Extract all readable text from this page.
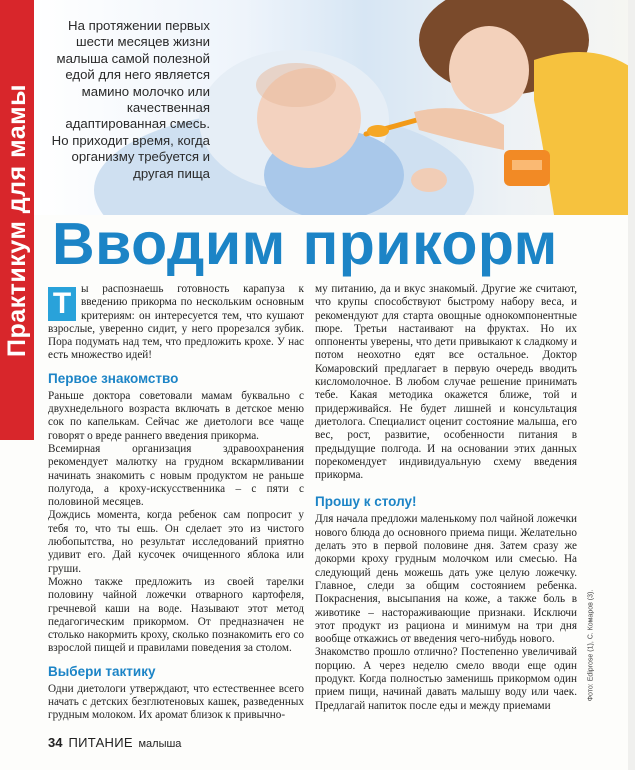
Практикум для мамы
На протяжении первых шести месяцев жизни малыша самой полезной едой для него является мамино молочко или качественная адаптированная смесь. Но приходит время, когда организму требуется и другая пища
Вводим прикорм

Т ы распознаешь готовность карапуза к введению прикорма по нескольким основным критериям: он интересуется тем, что кушают взрослые, уверенно сидит, у него прорезался зубик. Пора подумать над тем, что предложить крохе. У нас есть множество идей!

Первое знакомство

Раньше доктора советовали мамам буквально с двухнедельного возраста включать в детское меню сок по капелькам. Сейчас же диетологи все чаще говорят о вреде раннего введения прикорма.

Всемирная организация здравоохранения рекомендует малютку на грудном вскармливании начинать знакомить с новым продуктом не раньше полугода, а кроху-искусственника – с пяти с половиной месяцев.

Дождись момента, когда ребенок сам попросит у тебя то, что ты ешь. Он сделает это из чистого любопытства, но результат исследований приятно удивит его. Дай кусочек очищенного яблока или груши.

Можно также предложить из своей тарелки половину чайной ложечки отварного картофеля, гречневой каши на воде. Называют этот метод педагогическим прикормом. От предназначен не столько накормить кроху, сколько познакомить его со взрослой пищей и правилами поведения за столом.

Выбери тактику

Одни диетологи утверждают, что естественнее всего начать с детских безглютеновых кашек, разведенных грудным молоком. Их аромат близок к привычно-

му питанию, да и вкус знакомый. Другие же считают, что крупы способствуют быстрому набору веса, и рекомендуют для старта овощные однокомпонентные пюре. Третьи настаивают на фруктах. Но их оппоненты уверены, что дети привыкают к сладкому и потом неохотно едят все остальное. Доктор Комаровский предлагает в первую очередь вводить кисломолочное. В любом случае решение принимать тебе. Какая методика окажется ближе, той и придерживайся. Не будет лишней и консультация диетолога. Специалист оценит состояние малыша, его вес, рост, развитие, особенности питания в предыдущие полгода. И на основании этих данных порекомендует индивидуальную схему введения прикорма.

Прошу к столу!

Для начала предложи маленькому пол чайной ложечки нового блюда до основного приема пищи. Желательно делать это в первой половине дня. Затем сразу же докорми кроху грудным молочком или смесью. На следующий день можешь дать уже целую ложечку. Главное, следи за общим состоянием ребенка. Покраснения, высыпания на коже, а также боль в животике – настораживающие признаки. Исключи этот продукт из рациона и минимум на три дня вообще откажись от введения чего-нибудь нового.

Знакомство прошло отлично? Постепенно увеличивай порцию. А через неделю смело вводи еще один продукт. Когда полностью заменишь прикормом один прием пищи, начинай давать малышу воду или чаек. Предлагай напиток после еды и между приемами

Фото: Ediprose (1), С. Комаров (3).
34 ПИТАНИЕ малыша
